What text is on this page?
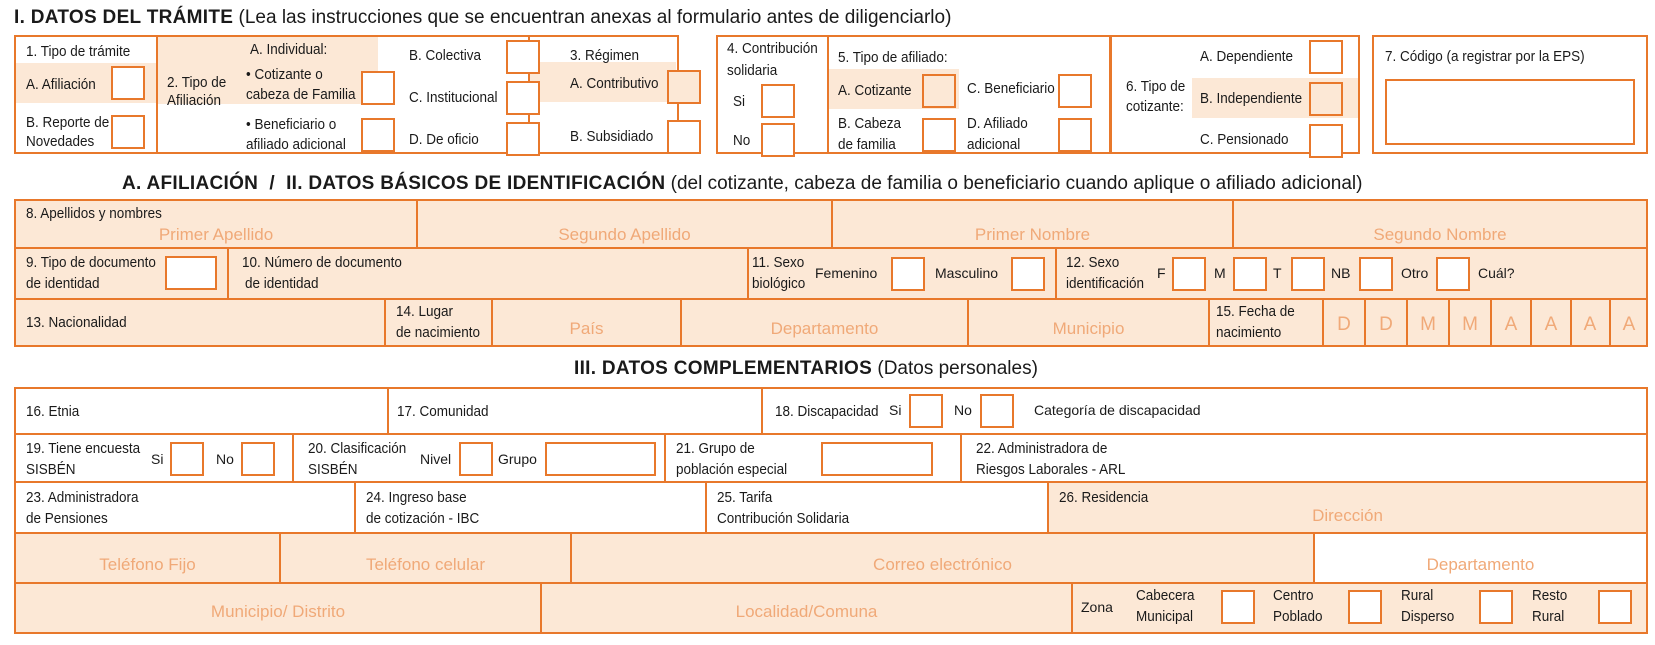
I. DATOS DEL TRÁMITE (Lea las instrucciones que se encuentran anexas al formulario antes de diligenciarlo)
1. Tipo de trámite
A. Afiliación
B. Reporte de
Novedades
2. Tipo de
Afiliación
A. Individual:
• Cotizante o
cabeza de Familia
• Beneficiario o
afiliado adicional
B. Colectiva
C. Institucional
D. De oficio
3. Régimen
A. Contributivo
B. Subsidiado
4. Contribución
solidaria
Si
No
5. Tipo de afiliado:
A. Cotizante	C. Beneficiario
B. Cabeza
de familia
D. Afiliado
adicional
6. Tipo de
cotizante:
A. Dependiente
B. Independiente
C. Pensionado
7. Código (a registrar por la EPS)
A. AFILIACIÓN  /  II. DATOS BÁSICOS DE IDENTIFICACIÓN (del cotizante, cabeza de familia o beneficiario cuando aplique o afiliado adicional)
8. Apellidos y nombres
Primer Apellido	Segundo Apellido	Primer Nombre	Segundo Nombre
9. Tipo de documento
de identidad
10. Número de documento
de identidad
11. Sexo
biológico
Femenino	Masculino
12. Sexo
identificación
F	M	T	NB	Otro	Cuál?
13. Nacionalidad
14. Lugar
de nacimiento	País	Departamento	Municipio
15. Fecha de
nacimiento	D	D	M	M	A	A	A	A
III. DATOS COMPLEMENTARIOS (Datos personales)
16. Etnia	17. Comunidad	18. Discapacidad Si	No	Categoría de discapacidad
19. Tiene encuesta
SISBÉN
Si	No
20. Clasificación
SISBÉN
Nivel	Grupo
21. Grupo de
población especial
22. Administradora de
Riesgos Laborales - ARL
23. Administradora
de Pensiones
24. Ingreso base
de cotización - IBC
25. Tarifa
Contribución Solidaria
26. Residencia
Dirección
Teléfono Fijo	Teléfono celular	Correo electrónico	Departamento
Municipio/ Distrito	Localidad/Comuna	Zona
Cabecera
Municipal
Centro
Poblado
Rural
Disperso
Resto
Rural
